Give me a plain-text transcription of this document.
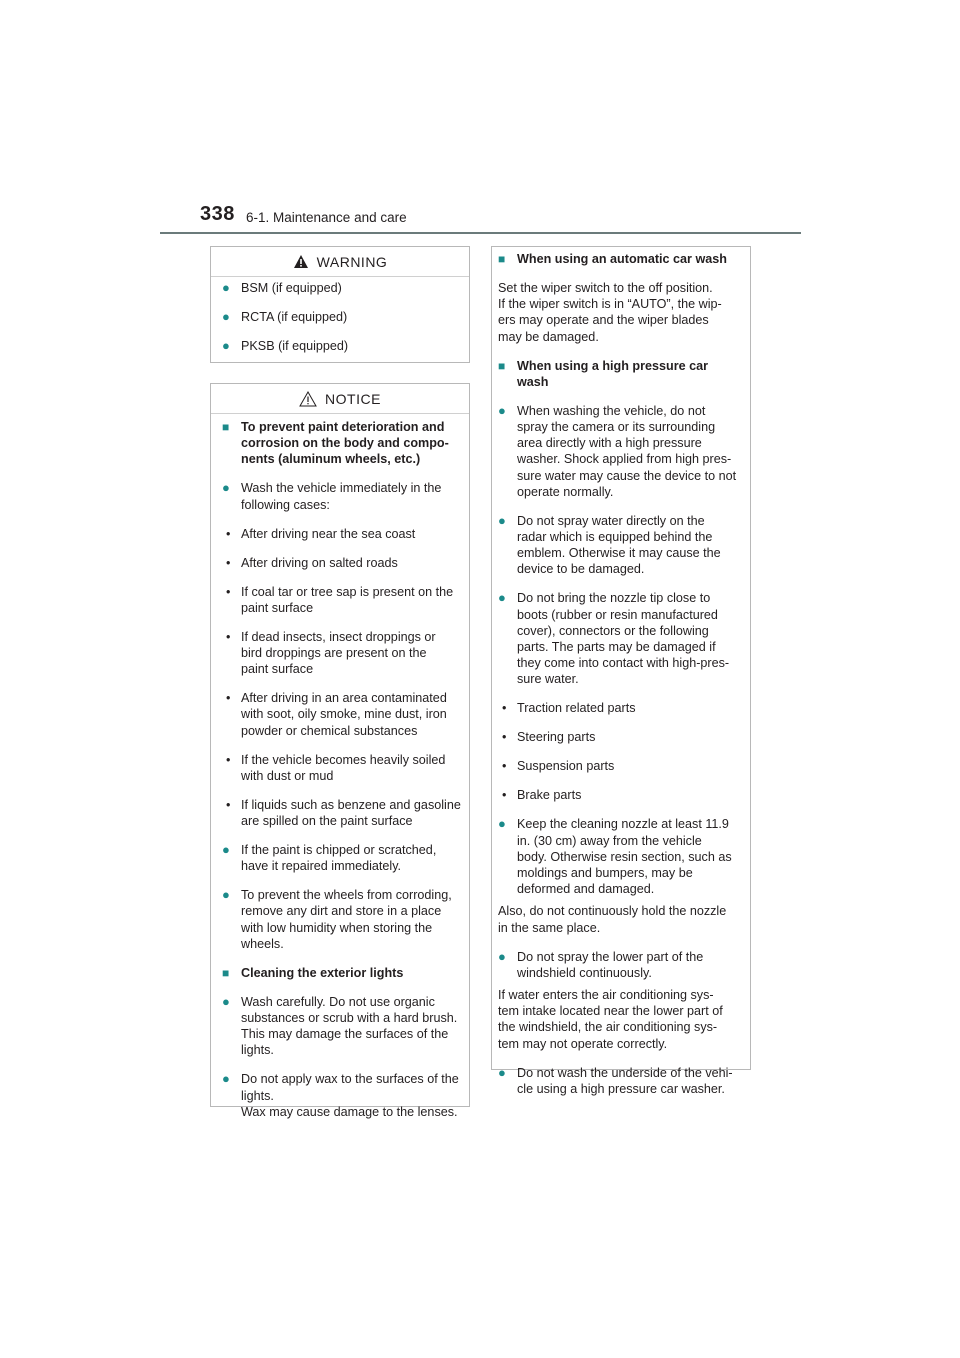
338 6-1. Maintenance and care
WARNING
● BSM (if equipped)
● RCTA (if equipped)
● PKSB (if equipped)
NOTICE
■ To prevent paint deterioration and
corrosion on the body and compo-
nents (aluminum wheels, etc.)
● Wash the vehicle immediately in the
following cases:
• After driving near the sea coast
• After driving on salted roads
• If coal tar or tree sap is present on the
paint surface
• If dead insects, insect droppings or
bird droppings are present on the
paint surface
• After driving in an area contaminated
with soot, oily smoke, mine dust, iron
powder or chemical substances
• If the vehicle becomes heavily soiled
with dust or mud
• If liquids such as benzene and gasoline
are spilled on the paint surface
● If the paint is chipped or scratched,
have it repaired immediately.
● To prevent the wheels from corroding,
remove any dirt and store in a place
with low humidity when storing the
wheels.
■ Cleaning the exterior lights
● Wash carefully. Do not use organic
substances or scrub with a hard brush.
This may damage the surfaces of the
lights.
● Do not apply wax to the surfaces of the
lights.
Wax may cause damage to the lenses.
■ When using an automatic car wash
Set the wiper switch to the off position.
If the wiper switch is in “AUTO”, the wip-
ers may operate and the wiper blades
may be damaged.
■ When using a high pressure car wash
● When washing the vehicle, do not
spray the camera or its surrounding
area directly with a high pressure
washer. Shock applied from high pres-
sure water may cause the device to not
operate normally.
● Do not spray water directly on the
radar which is equipped behind the
emblem. Otherwise it may cause the
device to be damaged.
● Do not bring the nozzle tip close to
boots (rubber or resin manufactured
cover), connectors or the following
parts. The parts may be damaged if
they come into contact with high-pres-
sure water.
• Traction related parts
• Steering parts
• Suspension parts
• Brake parts
● Keep the cleaning nozzle at least 11.9
in. (30 cm) away from the vehicle
body. Otherwise resin section, such as
moldings and bumpers, may be
deformed and damaged.
Also, do not continuously hold the nozzle
in the same place.
● Do not spray the lower part of the
windshield continuously.
If water enters the air conditioning sys-
tem intake located near the lower part of
the windshield, the air conditioning sys-
tem may not operate correctly.
● Do not wash the underside of the vehi-
cle using a high pressure car washer.
